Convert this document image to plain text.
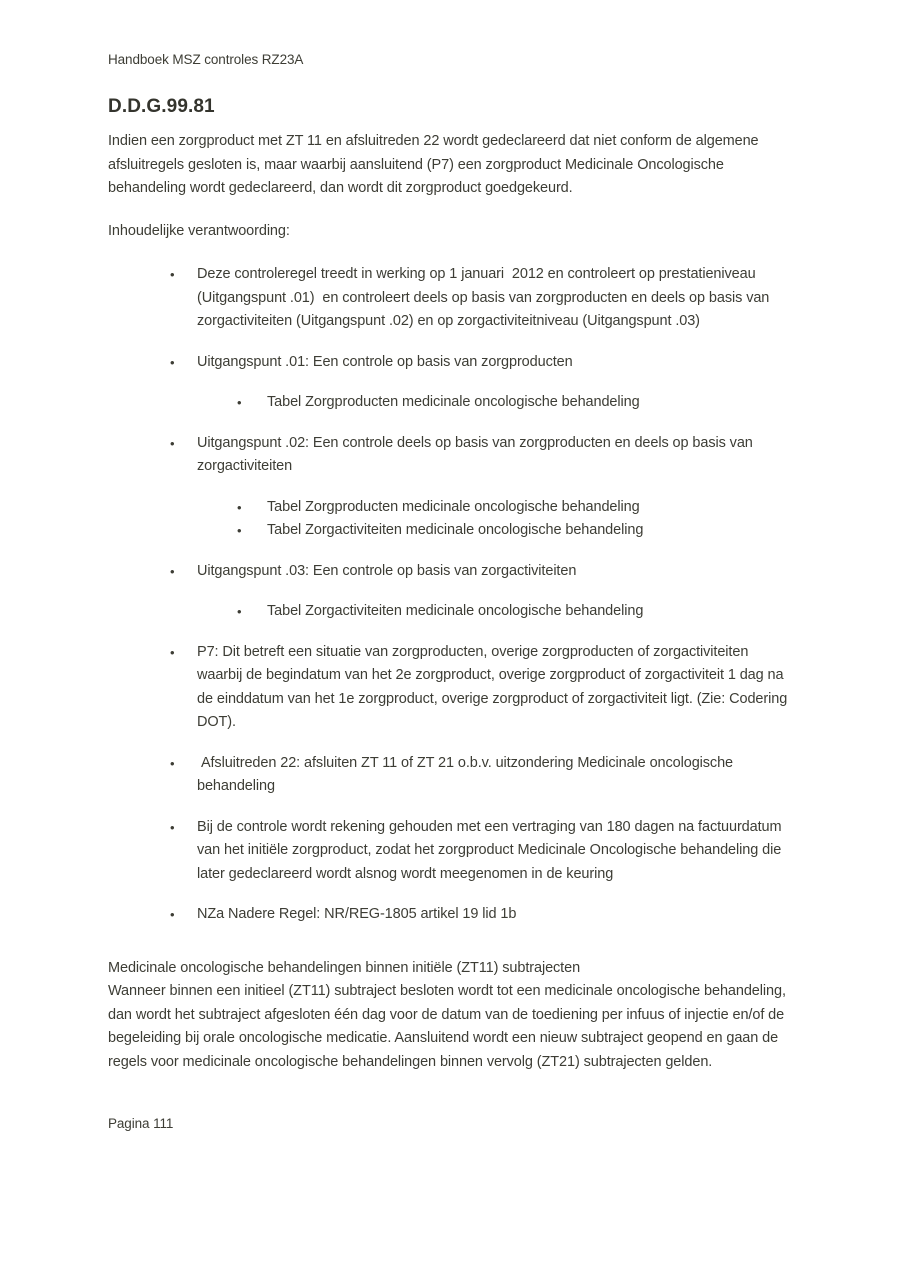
Handboek MSZ controles RZ23A
D.D.G.99.81
Indien een zorgproduct met ZT 11 en afsluitreden 22 wordt gedeclareerd dat niet conform de algemene afsluitregels gesloten is, maar waarbij aansluitend (P7) een zorgproduct Medicinale Oncologische behandeling wordt gedeclareerd, dan wordt dit zorgproduct goedgekeurd.
Inhoudelijke verantwoording:
•	Deze controleregel treedt in werking op 1 januari  2012 en controleert op prestatieniveau (Uitgangspunt .01)  en controleert deels op basis van zorgproducten en deels op basis van zorgactiviteiten (Uitgangspunt .02) en op zorgactiviteitniveau (Uitgangspunt .03)
•	Uitgangspunt .01: Een controle op basis van zorgproducten
•	Tabel Zorgproducten medicinale oncologische behandeling
•	Uitgangspunt .02: Een controle deels op basis van zorgproducten en deels op basis van zorgactiviteiten
•	Tabel Zorgproducten medicinale oncologische behandeling
•	Tabel Zorgactiviteiten medicinale oncologische behandeling
•	Uitgangspunt .03: Een controle op basis van zorgactiviteiten
•	Tabel Zorgactiviteiten medicinale oncologische behandeling
•	P7: Dit betreft een situatie van zorgproducten, overige zorgproducten of zorgactiviteiten waarbij de begindatum van het 2e zorgproduct, overige zorgproduct of zorgactiviteit 1 dag na de einddatum van het 1e zorgproduct, overige zorgproduct of zorgactiviteit ligt. (Zie: Codering DOT).
•	Afsluitreden 22: afsluiten ZT 11 of ZT 21 o.b.v. uitzondering Medicinale oncologische behandeling
•	Bij de controle wordt rekening gehouden met een vertraging van 180 dagen na factuurdatum van het initiële zorgproduct, zodat het zorgproduct Medicinale Oncologische behandeling die later gedeclareerd wordt alsnog wordt meegenomen in de keuring
•	NZa Nadere Regel: NR/REG-1805 artikel 19 lid 1b
Medicinale oncologische behandelingen binnen initiële (ZT11) subtrajecten
Wanneer binnen een initieel (ZT11) subtraject besloten wordt tot een medicinale oncologische behandeling, dan wordt het subtraject afgesloten één dag voor de datum van de toediening per infuus of injectie en/of de begeleiding bij orale oncologische medicatie. Aansluitend wordt een nieuw subtraject geopend en gaan de regels voor medicinale oncologische behandelingen binnen vervolg (ZT21) subtrajecten gelden.
Pagina 111
